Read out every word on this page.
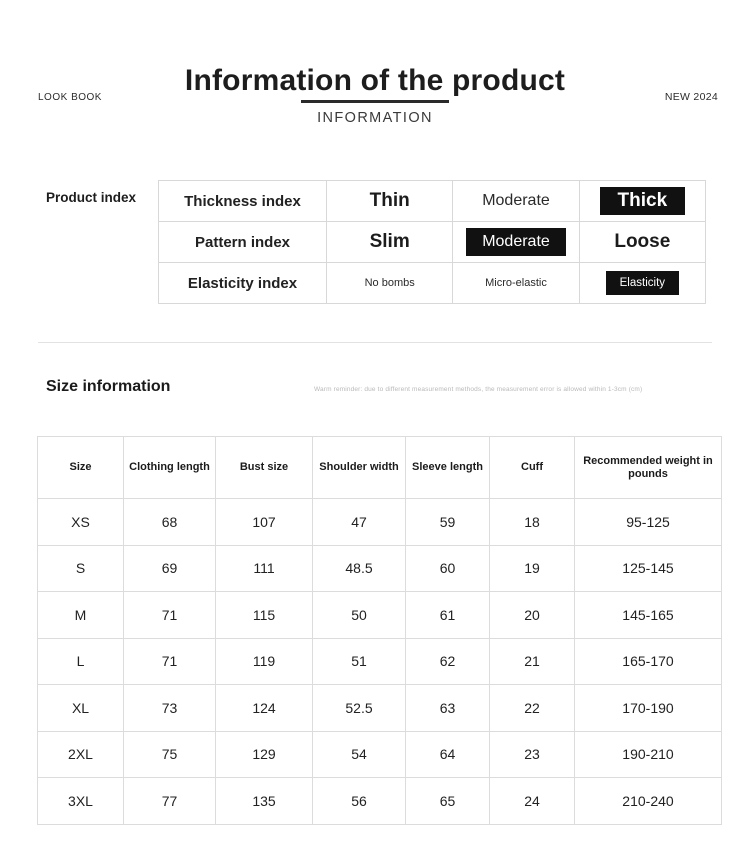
LOOK BOOK	NEW 2024
Information of the product
INFORMATION
Product index	Thickness index	Thin	Moderate	Thick
Pattern index	Slim	Moderate	Loose

Elasticity index	No bombs	Micro-elastic	Elasticity
Size information	Warm reminder: due to different measurement methods, the measurement error is allowed within 1-3cm (cm)
Size	Clothing length	Bust size	Shoulder width	Sleeve length	Cuff	Recommended weight in pounds
XS	68	107	47	59	18	95-125
S	69	111	48.5	60	19	125-145
M	71	115	50	61	20	145-165
L	71	119	51	62	21	165-170
XL	73	124	52.5	63	22	170-190
2XL	75	129	54	64	23	190-210
3XL	77	135	56	65	24	210-240
